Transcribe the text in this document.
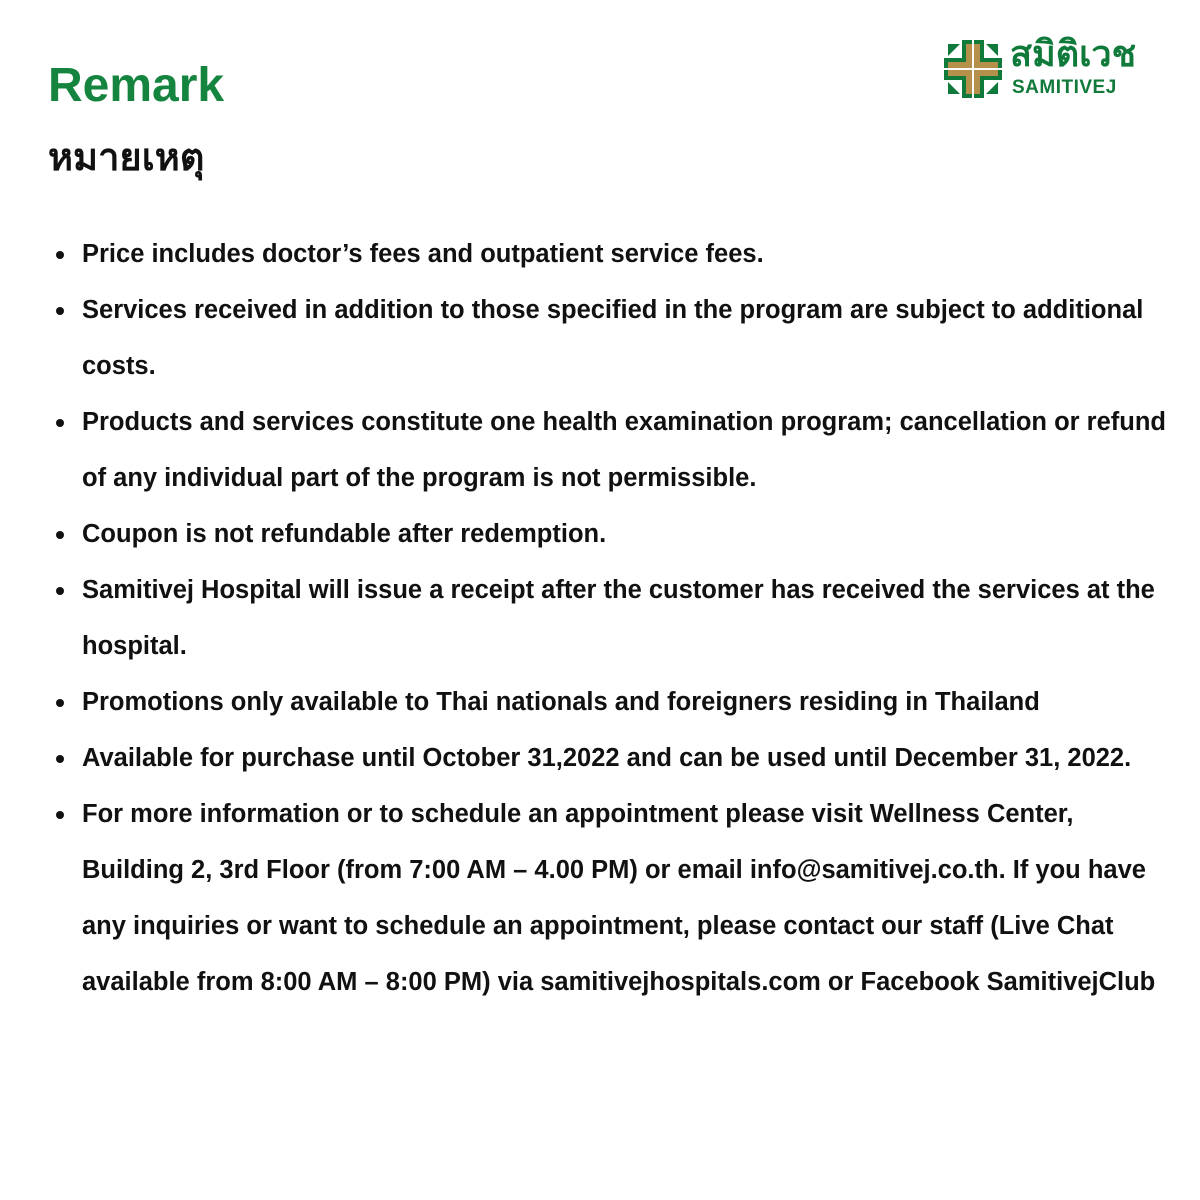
Remark
หมายเหตุ
สมิติเวช
SAMITIVEJ
Price includes doctor’s fees and outpatient service fees.
Services received in addition to those specified in the program are subject to additional costs.
Products and services constitute one health examination program; cancellation or refund of any individual part of the program is not permissible.
Coupon is not refundable after redemption.
Samitivej Hospital will issue a receipt after the customer has received the services at the hospital.
Promotions only available to Thai nationals and foreigners residing in Thailand
Available for purchase until October 31,2022 and can be used until December 31, 2022.
For more information or to schedule an appointment please visit Wellness Center, Building 2, 3rd Floor (from 7:00 AM – 4.00 PM) or email info@samitivej.co.th. If you have any inquiries or want to schedule an appointment, please contact our staff (Live Chat available from 8:00 AM – 8:00 PM) via samitivejhospitals.com or Facebook SamitivejClub
